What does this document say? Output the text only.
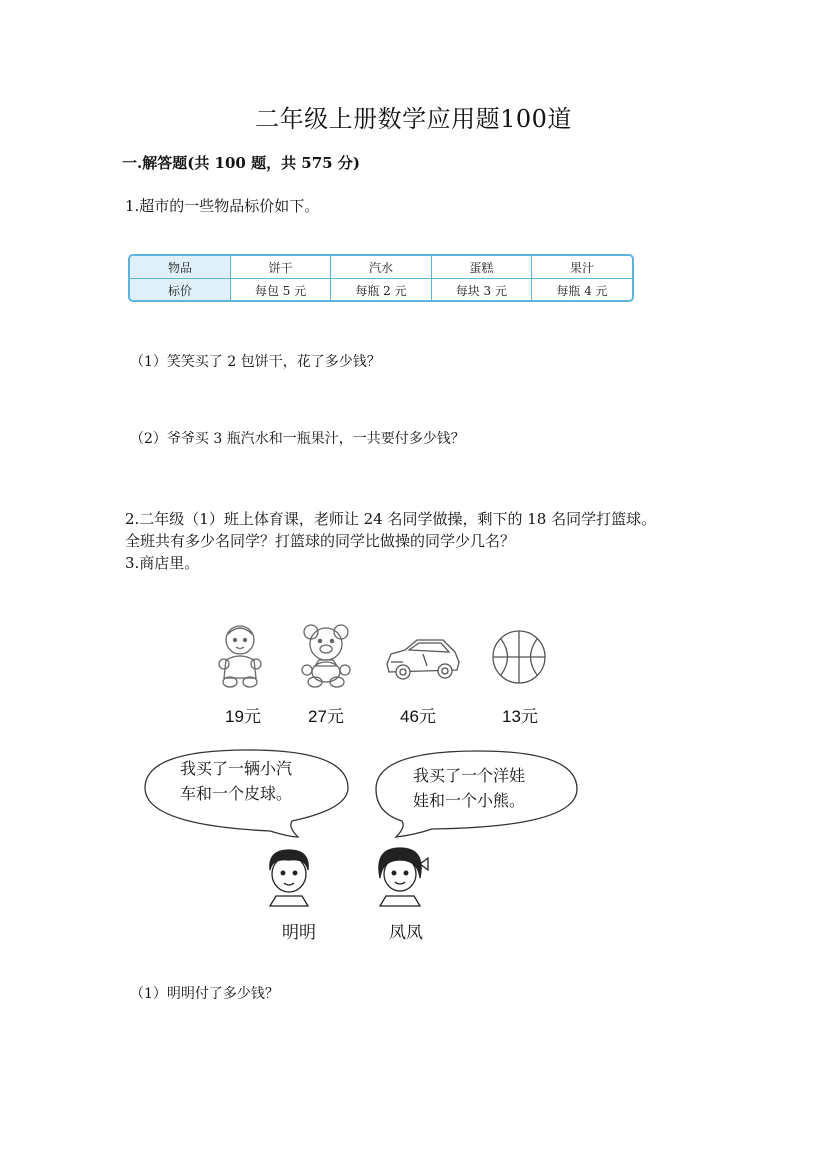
二年级上册数学应用题100道
一.解答题(共 100 题，共 575 分)
1.超市的一些物品标价如下。
物品	饼干	汽水	蛋糕	果汁
标价	每包 5 元	每瓶 2 元	每块 3 元	每瓶 4 元
（1）笑笑买了 2 包饼干，花了多少钱？
（2）爷爷买 3 瓶汽水和一瓶果汁，一共要付多少钱？
2.二年级（1）班上体育课，老师让 24 名同学做操，剩下的 18 名同学打篮球。
全班共有多少名同学？打篮球的同学比做操的同学少几名？
3.商店里。
19元	27元	46元	13元
我买了一辆小汽
车和一个皮球。
我买了一个洋娃
娃和一个小熊。
明明	凤凤
（1）明明付了多少钱？
